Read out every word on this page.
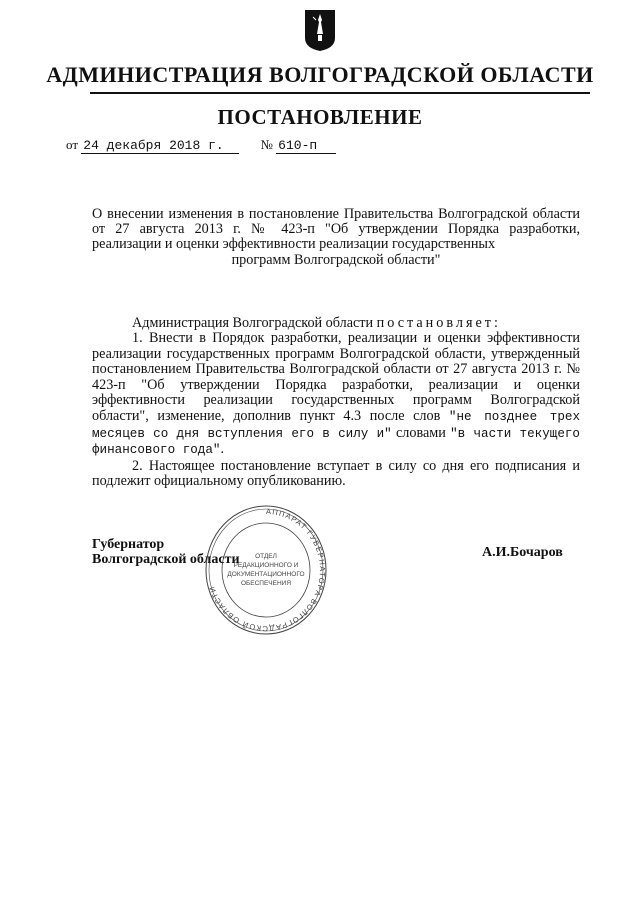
АДМИНИСТРАЦИЯ ВОЛГОГРАДСКОЙ ОБЛАСТИ
ПОСТАНОВЛЕНИЕ
от 24 декабря 2018 г.	№ 610-п
О внесении изменения в постановление Правительства Волгоградской области от 27 августа 2013 г. № 423-п "Об утверждении Порядка разработки, реализации и оценки эффективности реализации государственных
программ Волгоградской области"
Администрация Волгоградской области постановляет:

1. Внести в Порядок разработки, реализации и оценки эффективности реализации государственных программ Волгоградской области, утвержденный постановлением Правительства Волгоградской области от 27 августа 2013 г. № 423-п "Об утверждении Порядка разработки, реализации и оценки эффективности реализации государственных программ Волгоградской области", изменение, дополнив пункт 4.3 после слов "не позднее трех месяцев со дня вступления его в силу и" словами "в части текущего финансового года".

2. Настоящее постановление вступает в силу со дня его подписания и подлежит официальному опубликованию.

Губернатор
Волгоградской области	А.И.Бочаров
АППАРАТ ГУБЕРНАТОРА ВОЛГОГРАДСКОЙ ОБЛАСТИ
ОТДЕЛ
РЕДАКЦИОННОГО И
ДОКУМЕНТАЦИОННОГО
ОБЕСПЕЧЕНИЯ
